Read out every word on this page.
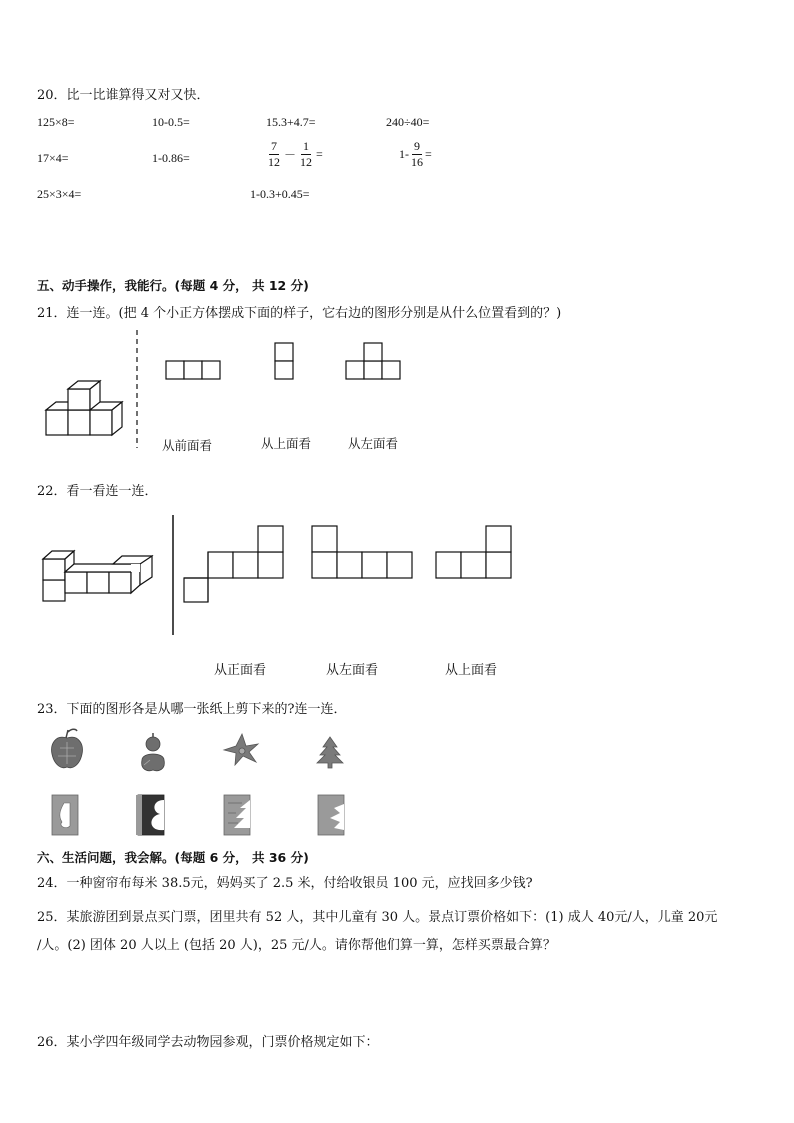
20．比一比谁算得又对又快．
125×8=	10-0.5=	15.3+4.7=	240÷40=
17×4=	1-0.86=	$\frac{7}{12} - \frac{1}{12}$ =	$1- \frac{9}{16}$ =
25×3×4=	1-0.3+0.45=
五、动手操作，我能行。(每题 4 分， 共 12 分)
21．连一连。(把 4 个小正方体摆成下面的样子，它右边的图形分别是从什么位置看到的？)
从前面看	从上面看	从左面看
22．看一看连一连．
从正面看	从左面看	从上面看
23．下面的图形各是从哪一张纸上剪下来的?连一连．
六、生活问题，我会解。(每题 6 分， 共 36 分)
24．一种窗帘布每米 38.5元，妈妈买了 2.5 米，付给收银员 100 元，应找回多少钱?
25．某旅游团到景点买门票，团里共有 52 人，其中儿童有 30 人。景点订票价格如下：(1) 成人 40元/人，儿童 20元
/人。(2) 团体 20 人以上 (包括 20 人)，25 元/人。请你帮他们算一算，怎样买票最合算？
26．某小学四年级同学去动物园参观，门票价格规定如下：
